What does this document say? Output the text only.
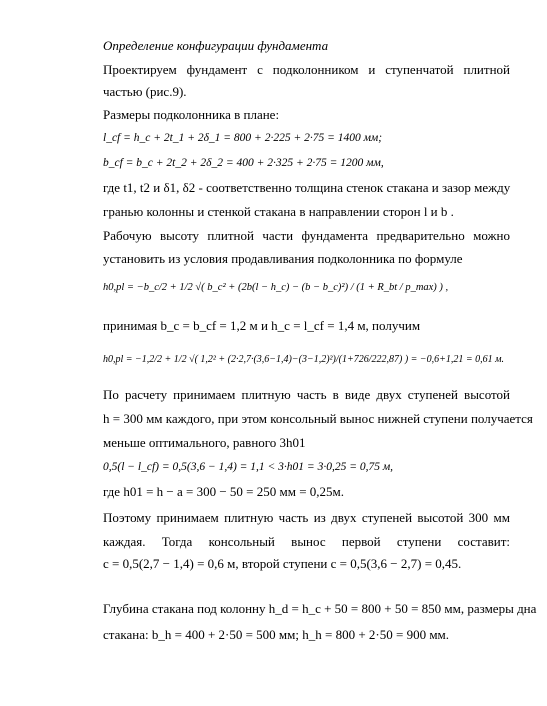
Определение конфигурации фундамента
Проектируем фундамент с подколонником и ступенчатой плитной
частью (рис.9).
Размеры подколонника в плане:
l_cf = h_c + 2t_1 + 2δ_1 = 800 + 2·225 + 2·75 = 1400 мм;
b_cf = b_c + 2t_2 + 2δ_2 = 400 + 2·325 + 2·75 = 1200 мм,
где t1, t2 и δ1, δ2 - соответственно толщина стенок стакана и зазор между
гранью колонны и стенкой стакана в направлении сторон l и b .
Рабочую высоту плитной части фундамента предварительно можно
установить из условия продавливания подколонника по формуле
h0,pl = −b_c/2 + 1/2 √( b_c² + (2b(l − h_c) − (b − b_c)²) / (1 + R_bt / p_max) ) ,
принимая b_c = b_cf = 1,2 м и h_c = l_cf = 1,4 м, получим
h0,pl = −1,2/2 + 1/2 √( 1,2² + (2·2,7·(3,6−1,4)−(3−1,2)²)/(1+726/222,87) ) = −0,6+1,21 = 0,61 м.
По расчету принимаем плитную часть в виде двух ступеней высотой
h = 300 мм каждого, при этом консольный вынос нижней ступени получается
меньше оптимального, равного 3h01
0,5(l − l_cf) = 0,5(3,6 − 1,4) = 1,1 < 3·h01 = 3·0,25 = 0,75 м,
где h01 = h − a = 300 − 50 = 250 мм = 0,25м.
Поэтому принимаем плитную часть из двух ступеней высотой 300 мм
каждая. Тогда консольный вынос первой ступени составит:
c = 0,5(2,7 − 1,4) = 0,6 м, второй ступени c = 0,5(3,6 − 2,7) = 0,45.
Глубина стакана под колонну h_d = h_c + 50 = 800 + 50 = 850 мм, размеры дна
стакана: b_h = 400 + 2·50 = 500 мм; h_h = 800 + 2·50 = 900 мм.
